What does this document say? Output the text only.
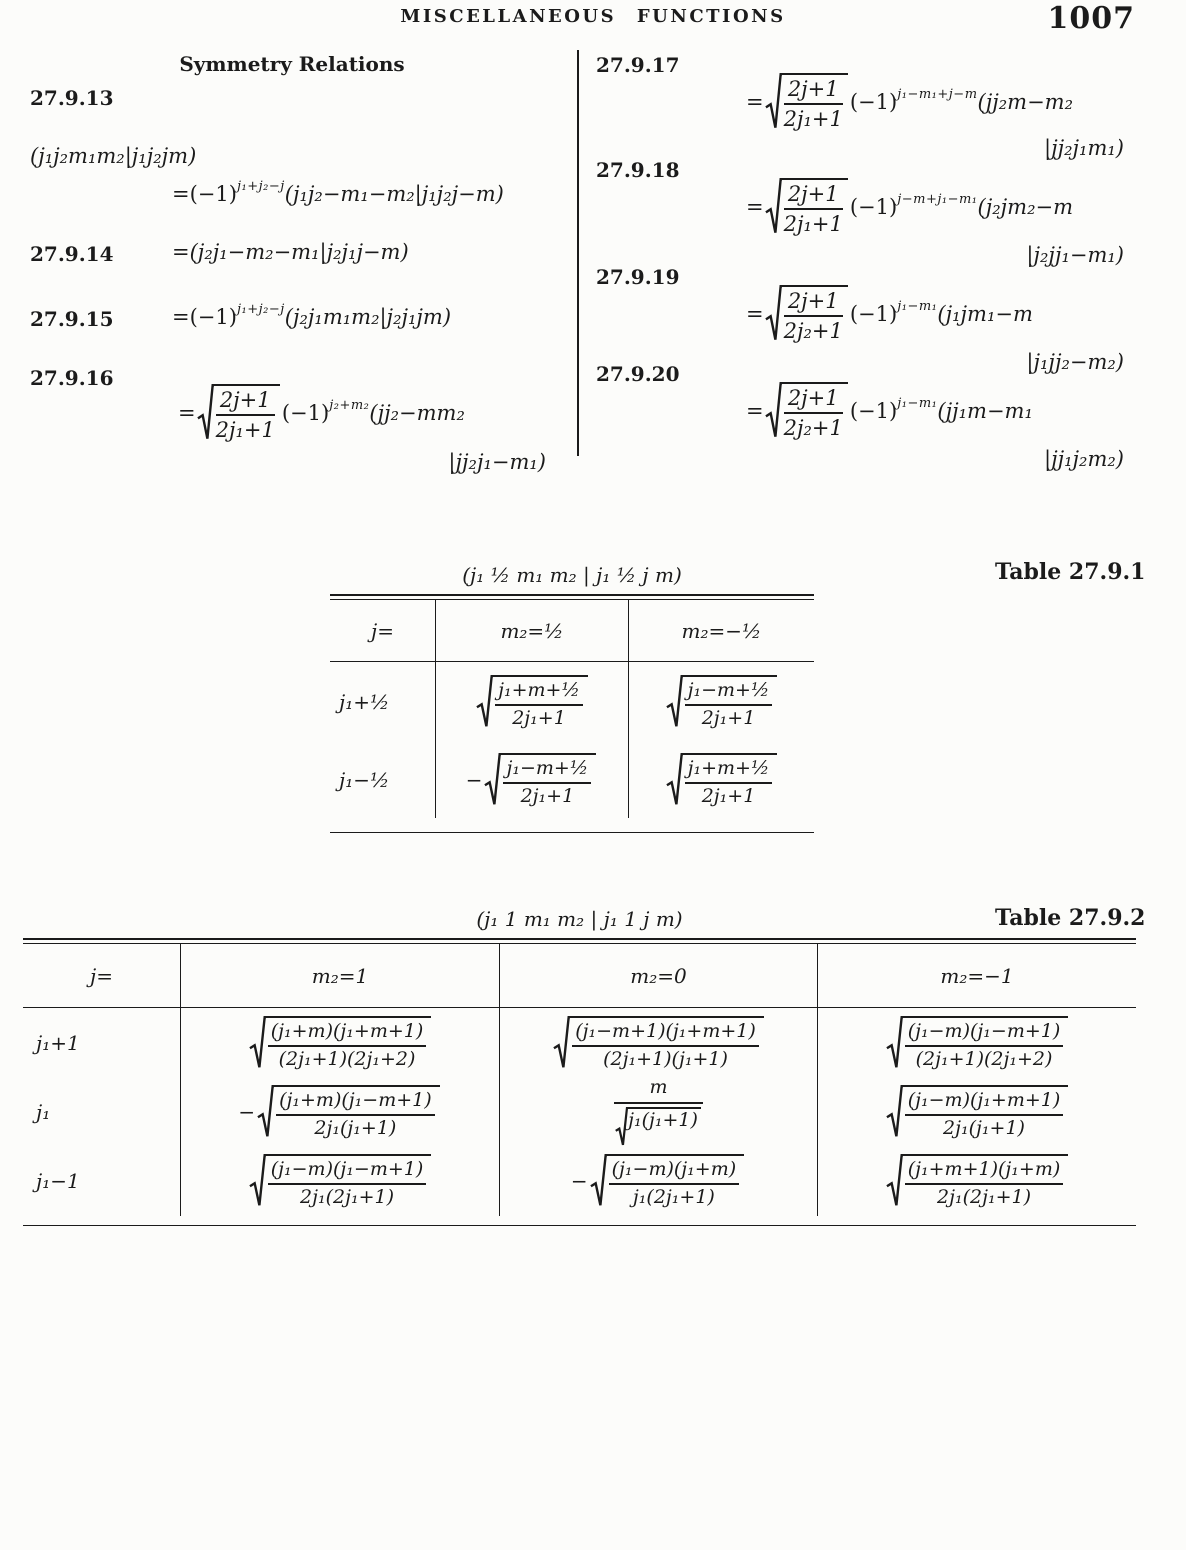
MISCELLANEOUS FUNCTIONS	1007
Symmetry Relations
27.9.13
(j₁j₂m₁m₂|j₁j₂jm)
= (−1) j₁+j₂−j (j₁j₂−m₁−m₂|j₁j₂j−m)
27.9.14	= (j₂j₁−m₂−m₁|j₂j₁j−m)
27.9.15	= (−1) j₁+j₂−j (j₂j₁m₁m₂|j₂j₁jm)
27.9.16
= $\frac{2j+1}{\text{2j₁+1}} (-1)$ j₂+m₂ (jj₂−mm₂
|jj₂j₁−m₁)
27.9.17
= $\frac{2j+1}{\text{2j₁+1}} (-1)$ j₁−m₁+j−m (jj₂m−m₂
|jj₂j₁m₁)
27.9.18
= $\frac{2j+1}{\text{2j₁+1}} (-1)$ j−m+j₁−m₁ (j₂jm₂−m
|j₂jj₁−m₁)
27.9.19
= $\frac{2j+1}{\text{2j₂+1}} (-1)$ j₁−m₁ (j₁jm₁−m
|j₁jj₂−m₂)
27.9.20
= $\frac{2j+1}{\text{2j₂+1}} (-1)$ j₁−m₁ (jj₁m−m₁
|jj₁j₂m₂)
Table 27.9.1
(j₁ ½ m₁ m₂ | j₁ ½ j m)
j=	m₂=½	m₂=−½
j₁+½	$\frac{\text{j₁+m+½}}{\text{2j₁+1}}$	$\frac{\text{j₁−m+½}}{\text{2j₁+1}}$
j₁−½	− $\frac{\text{j₁−m+½}}{\text{2j₁+1}}$	$\frac{\text{j₁+m+½}}{\text{2j₁+1}}$
Table 27.9.2
(j₁ 1 m₁ m₂ | j₁ 1 j m)
j=	m₂=1	m₂=0	m₂=−1
j₁+1	$\frac{\text{(j₁+m)(j₁+m+1)}}{\text{(2j₁+1)(2j₁+2)}}$	$\frac{\text{(j₁−m+1)(j₁+m+1)}}{\text{(2j₁+1)(j₁+1)}}$	$\frac{\text{(j₁−m)(j₁−m+1)}}{\text{(2j₁+1)(2j₁+2)}}$
j₁	− $\frac{\text{(j₁+m)(j₁−m+1)}}{\text{2j₁(j₁+1)}}$	$\frac{m}{\text{j₁(j₁+1)}}$	$\frac{\text{(j₁−m)(j₁+m+1)}}{\text{2j₁(j₁+1)}}$
j₁−1	$\frac{\text{(j₁−m)(j₁−m+1)}}{\text{2j₁(2j₁+1)}}$	− $\frac{\text{(j₁−m)(j₁+m)}}{\text{j₁(2j₁+1)}}$	$\frac{\text{(j₁+m+1)(j₁+m)}}{\text{2j₁(2j₁+1)}}$
